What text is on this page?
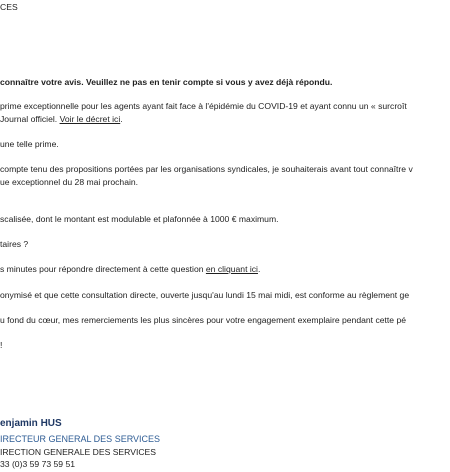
CES
connaître votre avis. Veuillez ne pas en tenir compte si vous y avez déjà répondu.
prime exceptionnelle pour les agents ayant fait face à l'épidémie du COVID-19 et ayant connu un « surcroît
Journal officiel. Voir le décret ici.
une telle prime.
compte tenu des propositions portées par les organisations syndicales, je souhaiterais avant tout connaître v
ue exceptionnel du 28 mai prochain.
scalisée, dont le montant est modulable et plafonnée à 1000 € maximum.
taires ?
s minutes pour répondre directement à cette question en cliquant ici.
onymisé et que cette consultation directe, ouverte jusqu'au lundi 15 mai midi, est conforme au règlement ge
u fond du cœur, mes remerciements les plus sincères pour votre engagement exemplaire pendant cette pé
!
enjamin HUS
IRECTEUR GENERAL DES SERVICES
IRECTION GENERALE DES SERVICES
33 (0)3 59 73 59 51
